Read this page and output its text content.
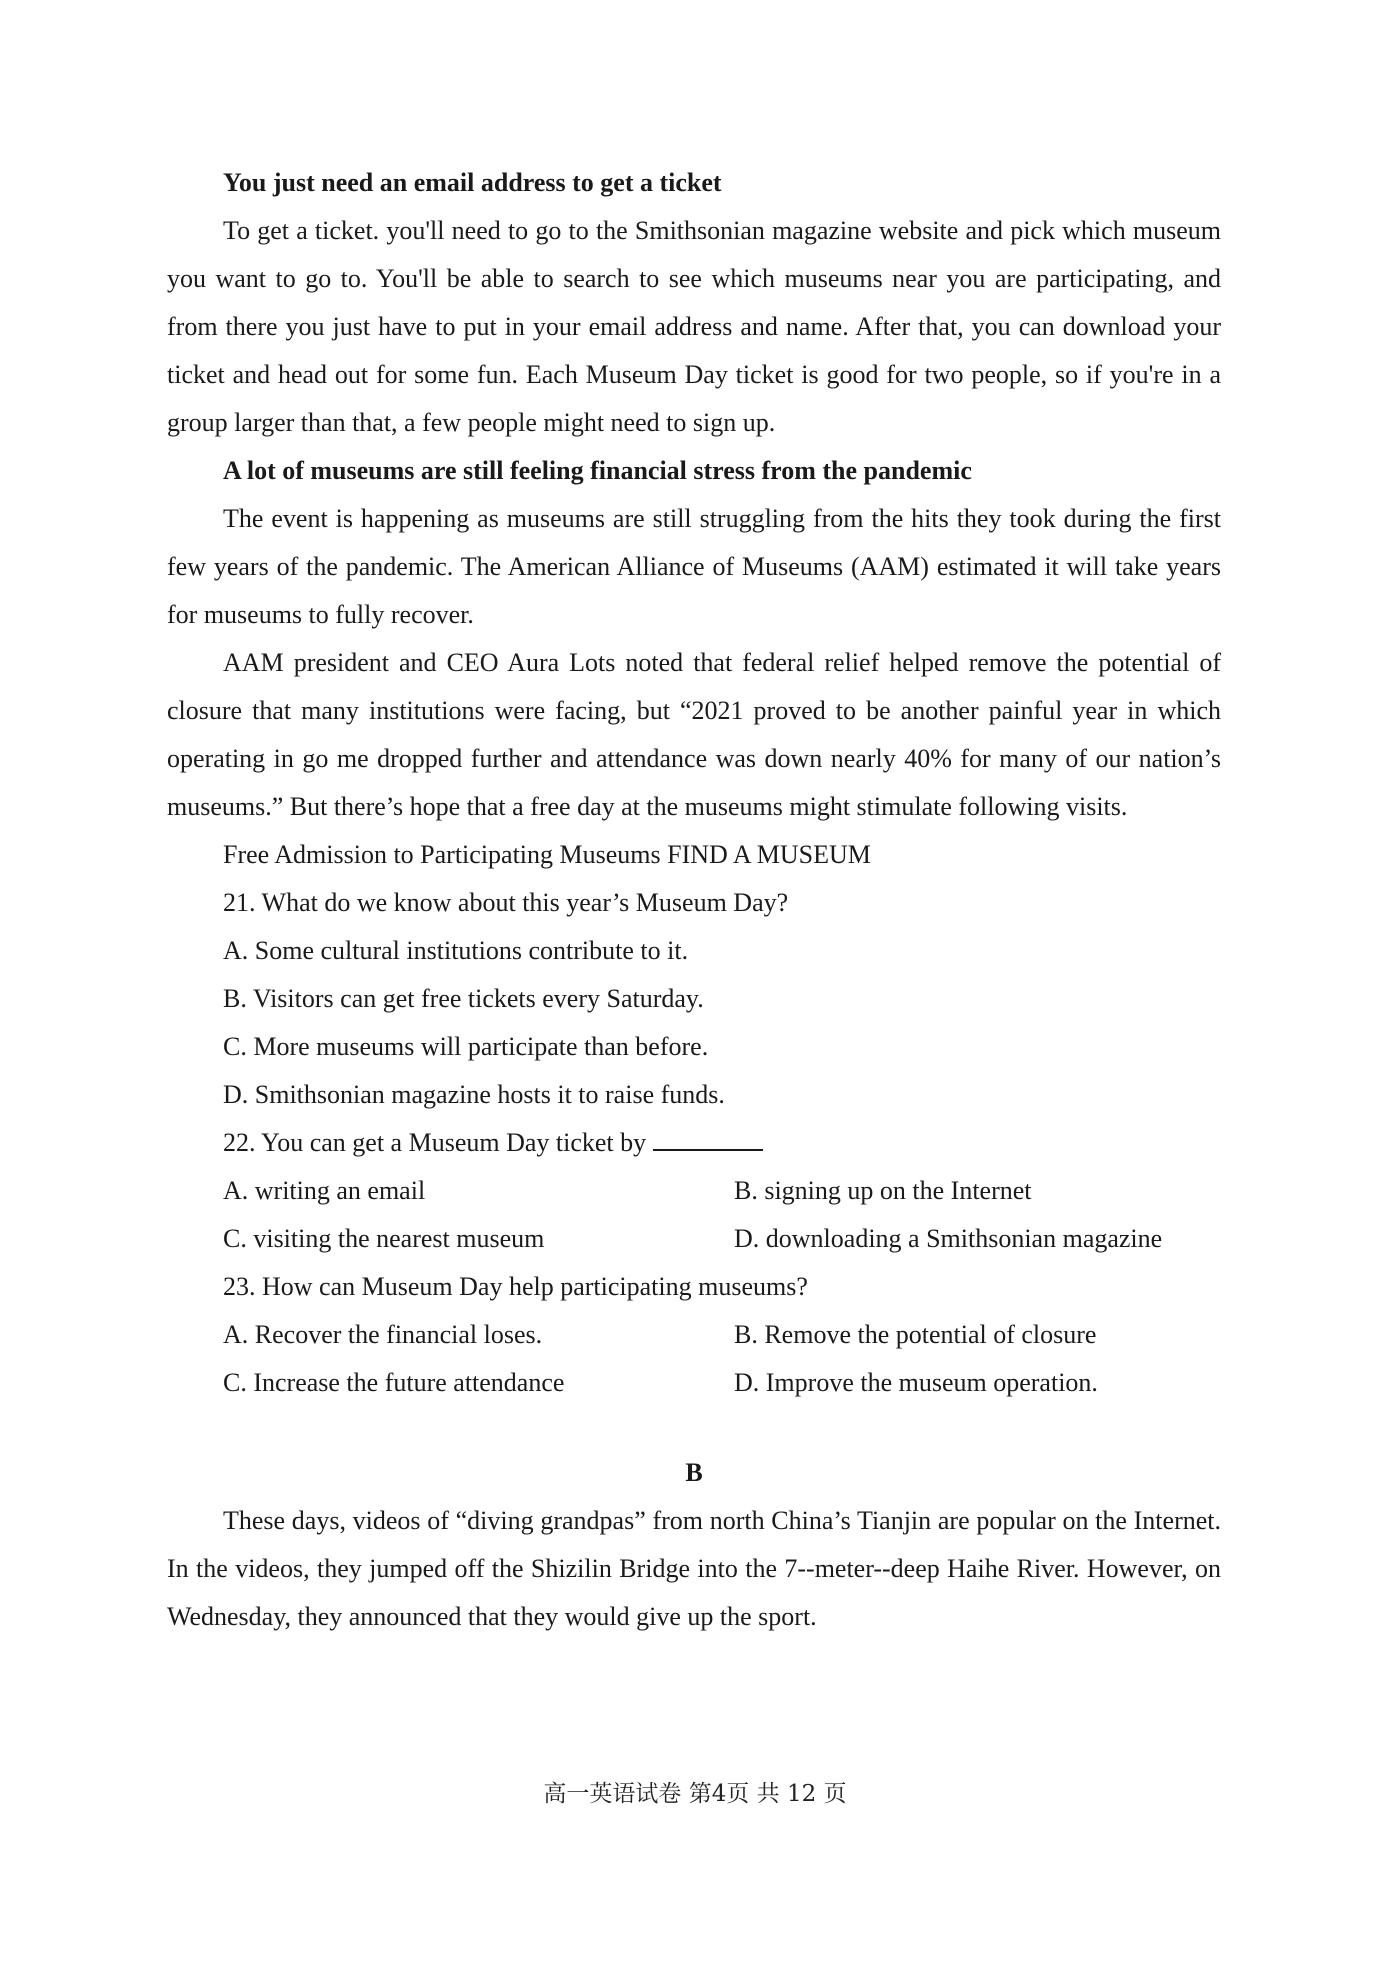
You just need an email address to get a ticket

To get a ticket. you'll need to go to the Smithsonian magazine website and pick which museum you want to go to. You'll be able to search to see which museums near you are participating, and from there you just have to put in your email address and name. After that, you can download your ticket and head out for some fun. Each Museum Day ticket is good for two people, so if you're in a group larger than that, a few people might need to sign up.

A lot of museums are still feeling financial stress from the pandemic

The event is happening as museums are still struggling from the hits they took during the first few years of the pandemic. The American Alliance of Museums (AAM) estimated it will take years for museums to fully recover.

AAM president and CEO Aura Lots noted that federal relief helped remove the potential of closure that many institutions were facing, but “2021 proved to be another painful year in which operating in go me dropped further and attendance was down nearly 40% for many of our nation’s museums.” But there’s hope that a free day at the museums might stimulate following visits.

Free Admission to Participating Museums FIND A MUSEUM

21. What do we know about this year’s Museum Day?

A. Some cultural institutions contribute to it.

B. Visitors can get free tickets every Saturday.

C. More museums will participate than before.

D. Smithsonian magazine hosts it to raise funds.

22. You can get a Museum Day ticket by

A. writing an email	B. signing up on the Internet
C. visiting the nearest museum	D. downloading a Smithsonian magazine

23. How can Museum Day help participating museums?

A. Recover the financial loses.	B. Remove the potential of closure
C. Increase the future attendance	D. Improve the museum operation.

B

These days, videos of “diving grandpas” from north China’s Tianjin are popular on the Internet. In the videos, they jumped off the Shizilin Bridge into the 7--meter--deep Haihe River. However, on Wednesday, they announced that they would give up the sport.

高一英语试卷 第4页 共 12 页
